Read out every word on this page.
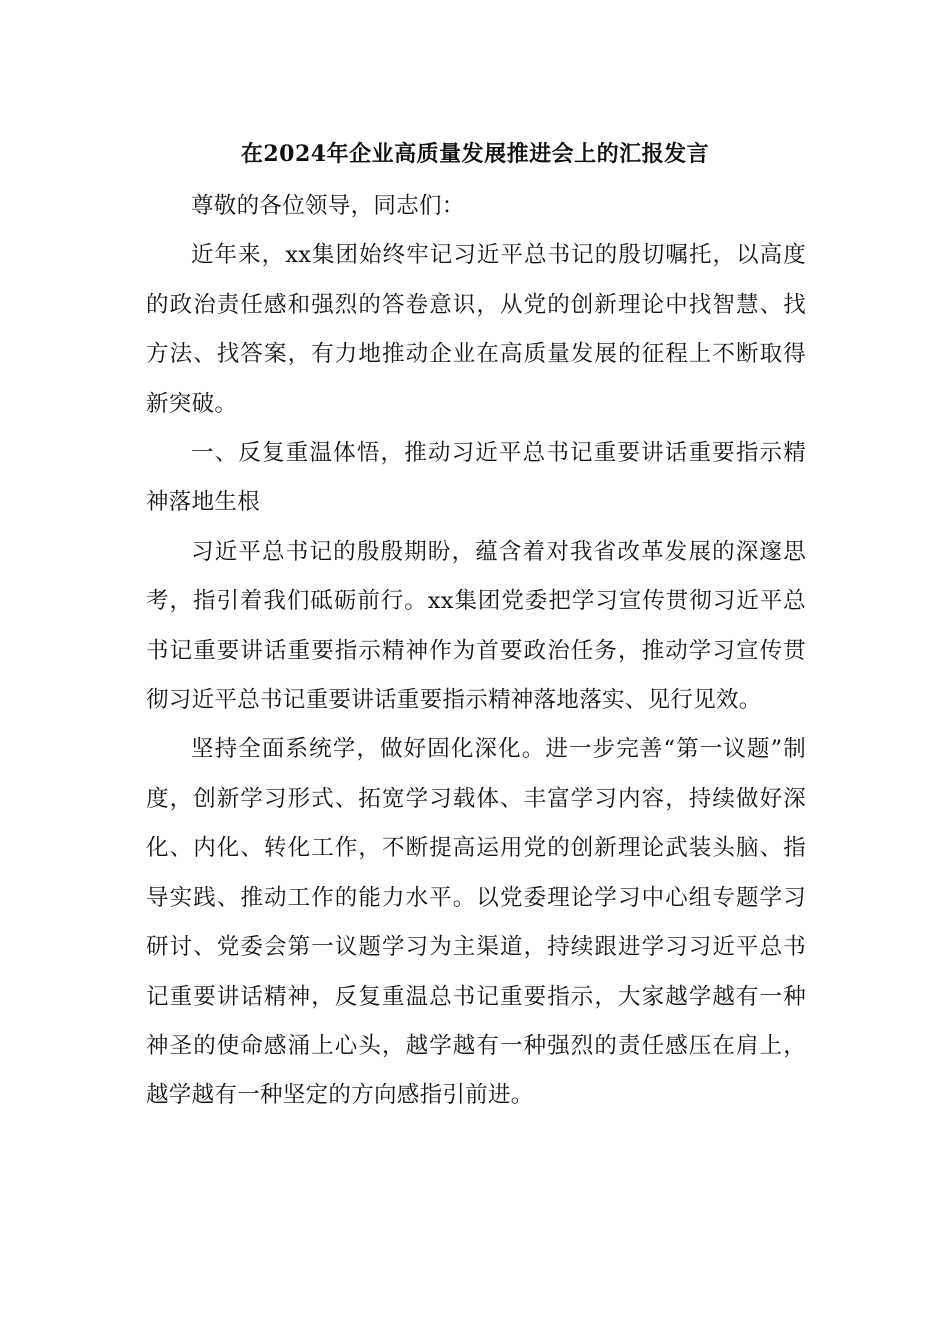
在2024年企业高质量发展推进会上的汇报发言

尊敬的各位领导，同志们：

近年来，xx集团始终牢记习近平总书记的殷切嘱托，以高度的政治责任感和强烈的答卷意识，从党的创新理论中找智慧、找方法、找答案，有力地推动企业在高质量发展的征程上不断取得新突破。

一、反复重温体悟，推动习近平总书记重要讲话重要指示精神落地生根

习近平总书记的殷殷期盼，蕴含着对我省改革发展的深邃思考，指引着我们砥砺前行。xx集团党委把学习宣传贯彻习近平总书记重要讲话重要指示精神作为首要政治任务，推动学习宣传贯彻习近平总书记重要讲话重要指示精神落地落实、见行见效。

坚持全面系统学，做好固化深化。进一步完善“第一议题”制度，创新学习形式、拓宽学习载体、丰富学习内容，持续做好深化、内化、转化工作，不断提高运用党的创新理论武装头脑、指导实践、推动工作的能力水平。以党委理论学习中心组专题学习研讨、党委会第一议题学习为主渠道，持续跟进学习习近平总书记重要讲话精神，反复重温总书记重要指示，大家越学越有一种神圣的使命感涌上心头，越学越有一种强烈的责任感压在肩上，越学越有一种坚定的方向感指引前进。
